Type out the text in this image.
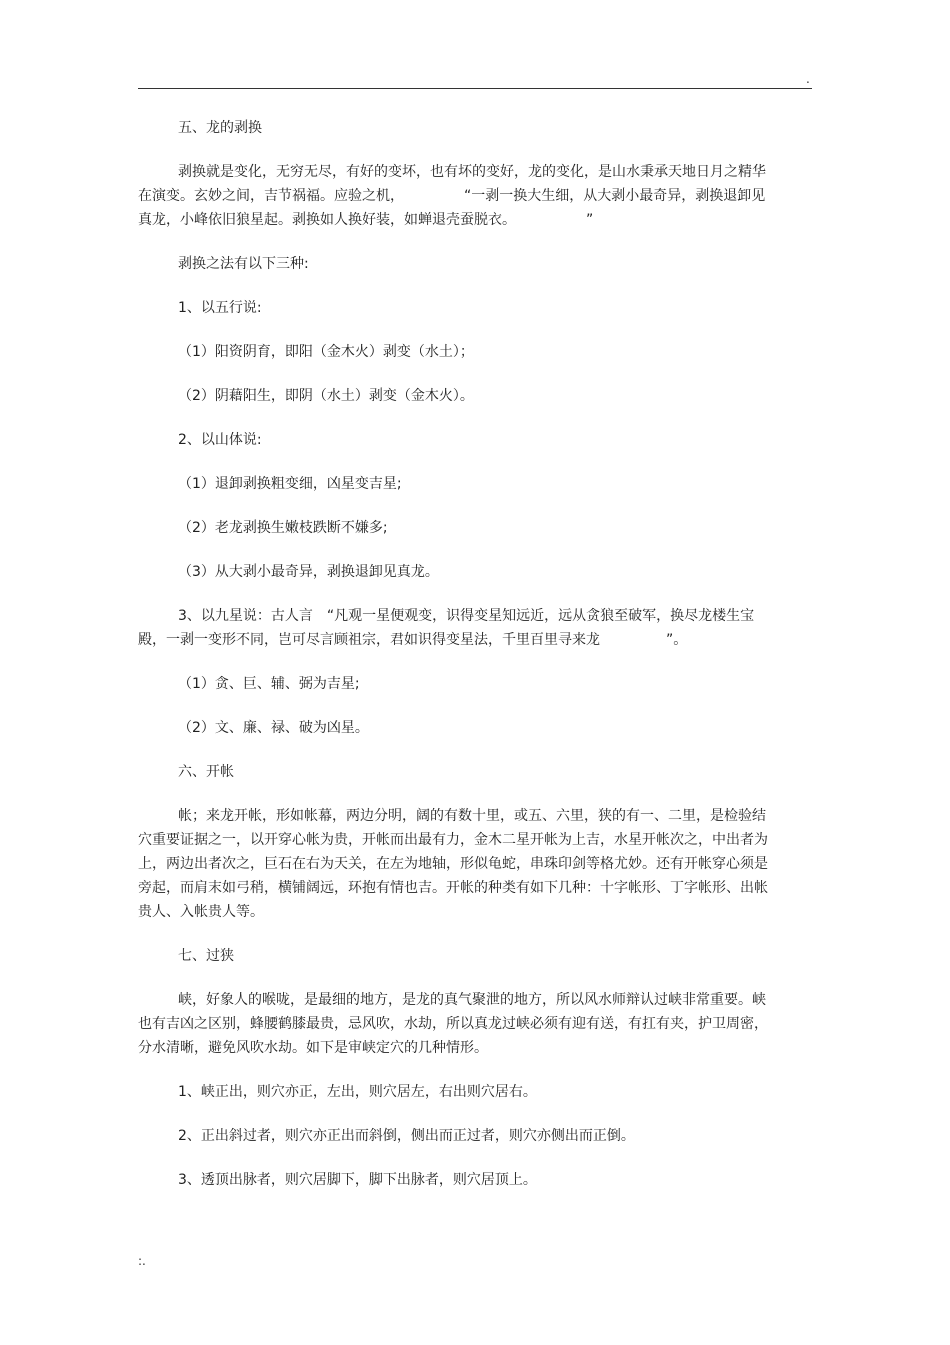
.

五、龙的剥换

剥换就是变化，无穷无尽，有好的变坏，也有坏的变好，龙的变化，是山水秉承天地日月之精华在演变。玄妙之间，吉节祸福。应验之机，	“一剥一换大生细，从大剥小最奇异，剥换退卸见真龙，小峰依旧狼星起。剥换如人换好装，如蝉退壳蚕脱衣。	”

剥换之法有以下三种:

1、以五行说:

（1）阳资阴育，即阳（金木火）剥变（水土）；

（2）阴藉阳生，即阴（水土）剥变（金木火）。

2、以山体说:

（1）退卸剥换粗变细，凶星变吉星;

（2）老龙剥换生嫩枝跌断不嫌多;

（3）从大剥小最奇异，剥换退卸见真龙。

3、以九星说：古人言 “凡观一星便观变，识得变星知远近，远从贪狼至破军，换尽龙楼生宝殿，一剥一变形不同，岂可尽言顾祖宗，君如识得变星法，千里百里寻来龙	”。

（1）贪、巨、辅、弼为吉星;

（2）文、廉、禄、破为凶星。

六、开帐

帐；来龙开帐，形如帐幕，两边分明，阔的有数十里，或五、六里，狭的有一、二里，是检验结穴重要证据之一，以开穿心帐为贵，开帐而出最有力，金木二星开帐为上吉，水星开帐次之，中出者为上，两边出者次之，巨石在右为天关，在左为地轴，形似龟蛇，串珠印剑等格尤妙。还有开帐穿心须是旁起，而肩末如弓稍，横铺阔远，环抱有情也吉。开帐的种类有如下几种：十字帐形、丁字帐形、出帐贵人、入帐贵人等。

七、过狭

峡，好象人的喉咙，是最细的地方，是龙的真气聚泄的地方，所以风水师辩认过峡非常重要。峡也有吉凶之区别，蜂腰鹤膝最贵，忌风吹，水劫，所以真龙过峡必须有迎有送，有扛有夹，护卫周密，分水清晰，避免风吹水劫。如下是审峡定穴的几种情形。

1、峡正出，则穴亦正，左出，则穴居左，右出则穴居右。

2、正出斜过者，则穴亦正出而斜倒，侧出而正过者，则穴亦侧出而正倒。

3、透顶出脉者，则穴居脚下，脚下出脉者，则穴居顶上。

:.
